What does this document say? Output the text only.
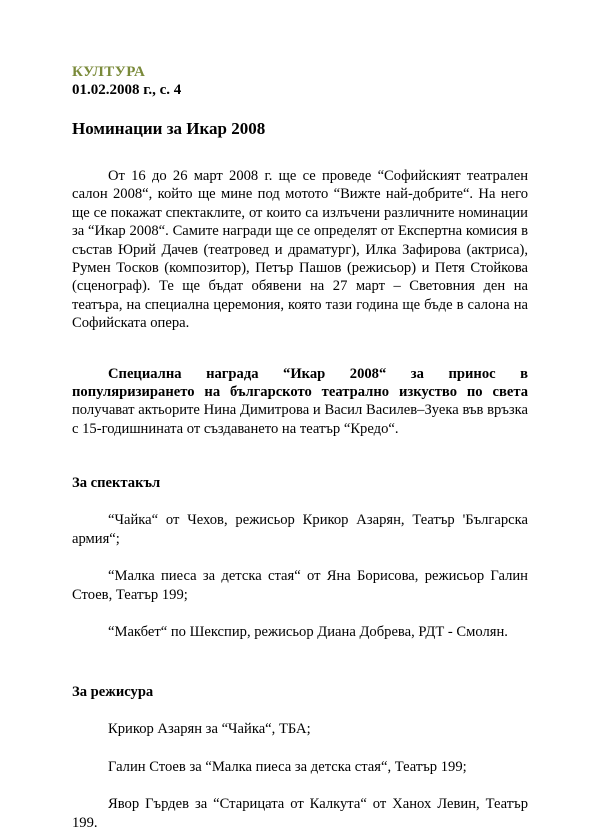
КУЛТУРА
01.02.2008 г., с. 4
Номинации за Икар 2008

От 16 до 26 март 2008 г. ще се проведе “Софийският театрален салон 2008“, който ще мине под мотото “Вижте най-добрите“. На него ще се покажат спектаклите, от които са излъчени различните номинации за “Икар 2008“. Самите награди ще се определят от Експертна комисия в състав Юрий Дачев (театровед и драматург), Илка Зафирова (актриса), Румен Тосков (композитор), Петър Пашов (режисьор) и Петя Стойкова (сценограф). Те ще бъдат обявени на 27 март – Световния ден на театъра, на специална церемония, която тази година ще бъде в салона на Софийската опера.

Специална награда “Икар 2008“ за принос в популяризирането на българското театрално изкуство по света получават актьорите Нина Димитрова и Васил Василев–Зуека във връзка с 15-годишнината от създаването на театър “Кредо“.

За спектакъл

“Чайка“ от Чехов, режисьор Крикор Азарян, Театър 'Българска армия“;

“Малка пиеса за детска стая“ от Яна Борисова, режисьор Галин Стоев, Театър 199;

“Макбет“ по Шекспир, режисьор Диана Добрева, РДТ - Смолян.

За режисура

Крикор Азарян за “Чайка“, ТБА;

Галин Стоев за “Малка пиеса за детска стая“, Театър 199;

Явор Гърдев за “Старицата от Калкута“ от Ханох Левин, Театър 199.
